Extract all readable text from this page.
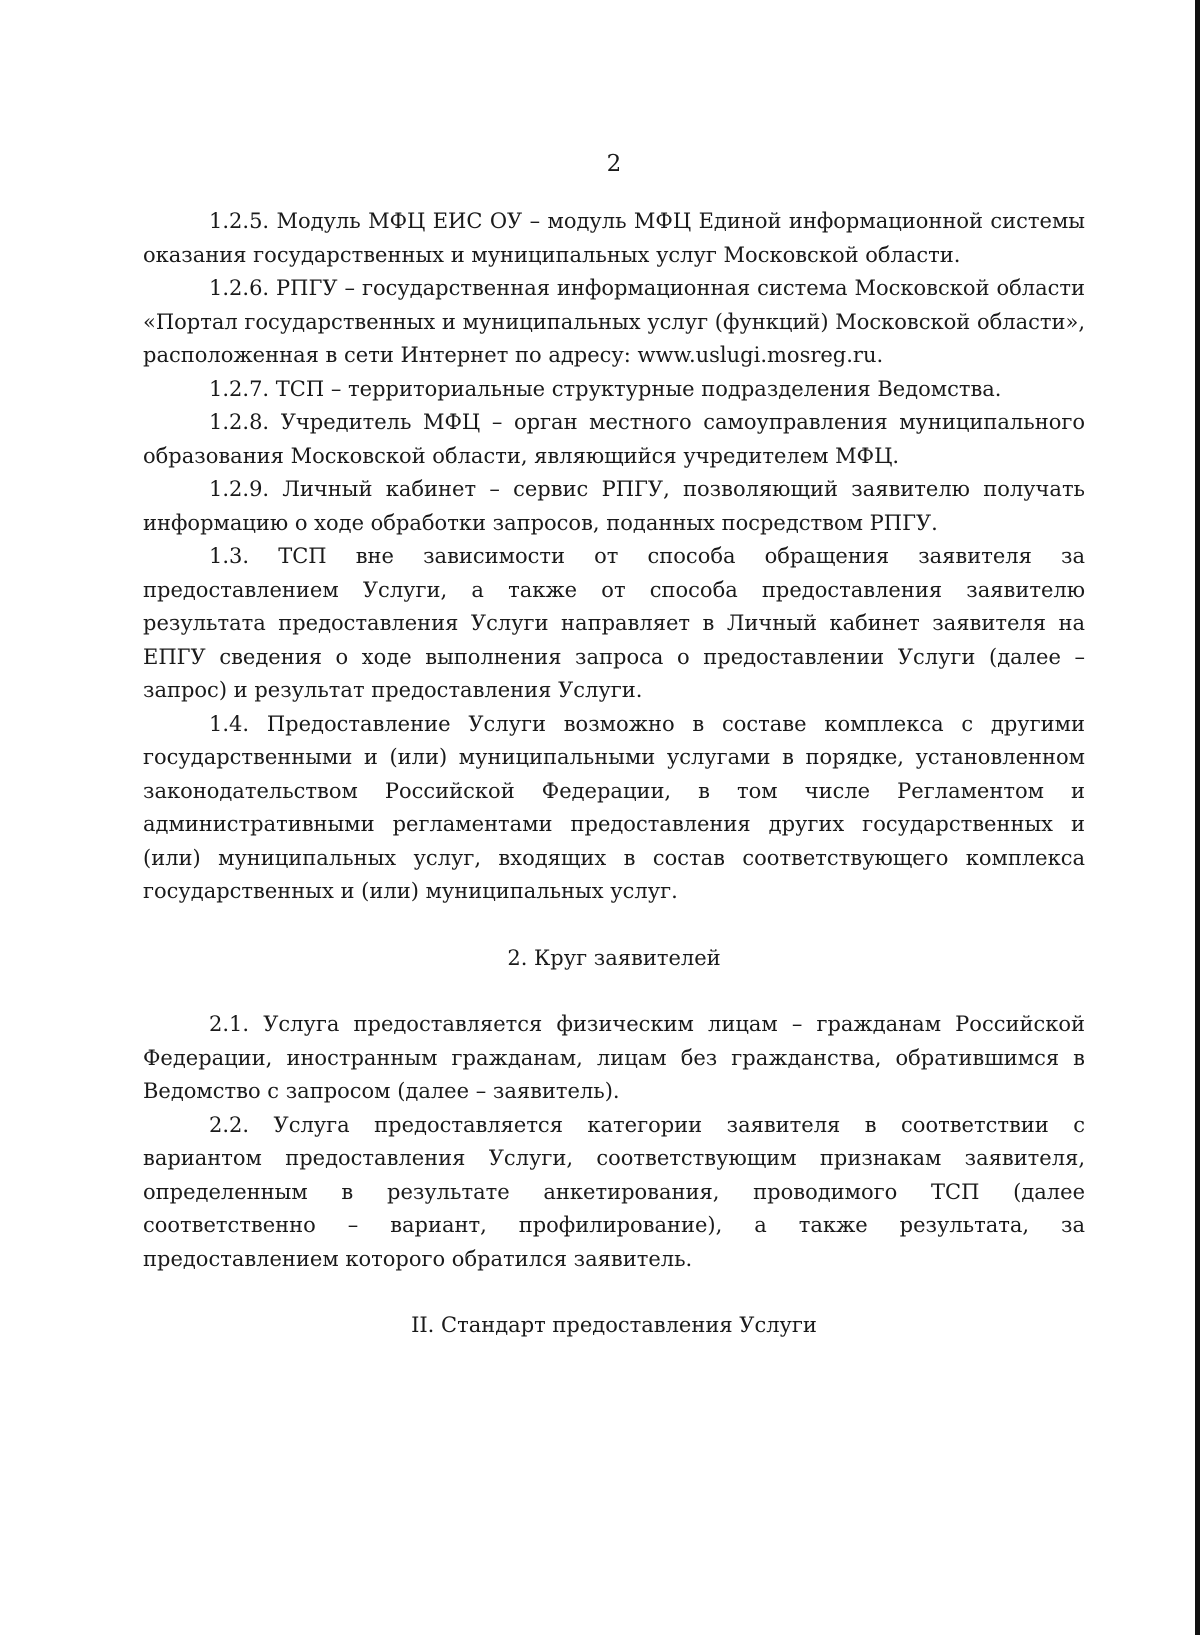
2

1.2.5. Модуль МФЦ ЕИС ОУ – модуль МФЦ Единой информационной системы оказания государственных и муниципальных услуг Московской области.

1.2.6. РПГУ – государственная информационная система Московской области «Портал государственных и муниципальных услуг (функций) Московской области», расположенная в сети Интернет по адресу: www.uslugi.mosreg.ru.

1.2.7. ТСП – территориальные структурные подразделения Ведомства.

1.2.8. Учредитель МФЦ – орган местного самоуправления муниципального образования Московской области, являющийся учредителем МФЦ.

1.2.9. Личный кабинет – сервис РПГУ, позволяющий заявителю получать информацию о ходе обработки запросов, поданных посредством РПГУ.

1.3. ТСП вне зависимости от способа обращения заявителя за предоставлением Услуги, а также от способа предоставления заявителю результата предоставления Услуги направляет в Личный кабинет заявителя на ЕПГУ сведения о ходе выполнения запроса о предоставлении Услуги (далее – запрос) и результат предоставления Услуги.

1.4. Предоставление Услуги возможно в составе комплекса с другими государственными и (или) муниципальными услугами в порядке, установленном законодательством Российской Федерации, в том числе Регламентом и административными регламентами предоставления других государственных и (или) муниципальных услуг, входящих в состав соответствующего комплекса государственных и (или) муниципальных услуг.

2. Круг заявителей

2.1. Услуга предоставляется физическим лицам – гражданам Российской Федерации, иностранным гражданам, лицам без гражданства, обратившимся в Ведомство с запросом (далее – заявитель).

2.2. Услуга предоставляется категории заявителя в соответствии с вариантом предоставления Услуги, соответствующим признакам заявителя, определенным в результате анкетирования, проводимого ТСП (далее соответственно – вариант, профилирование), а также результата, за предоставлением которого обратился заявитель.

II. Стандарт предоставления Услуги
